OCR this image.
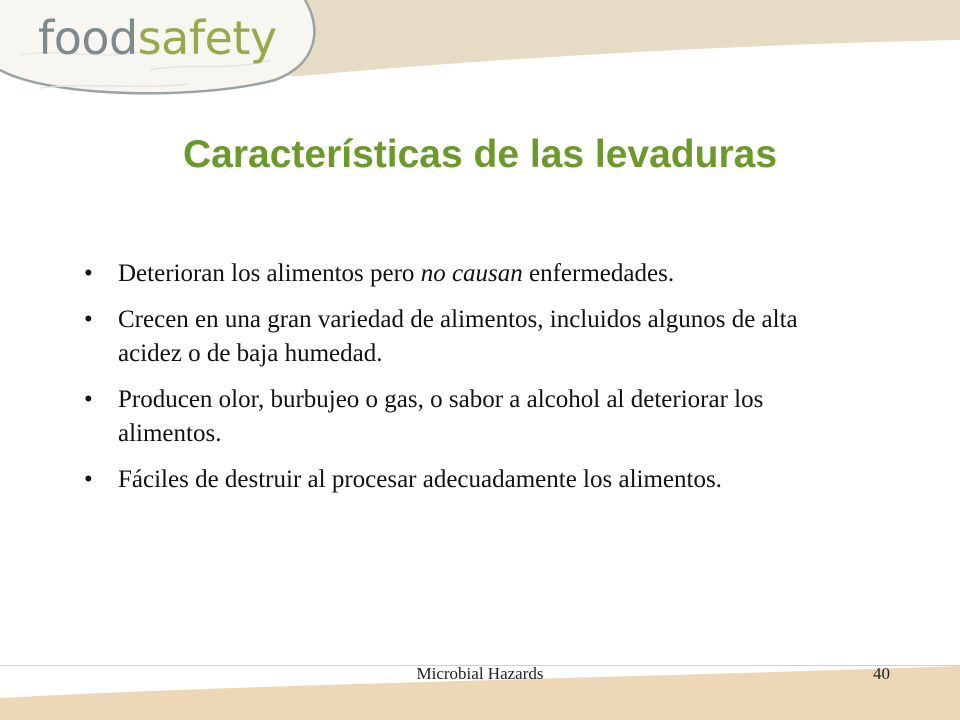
foodsafety
Características de las levaduras
• Deterioran los alimentos pero no causan enfermedades.
• Crecen en una gran variedad de alimentos, incluidos algunos de alta acidez o de baja humedad.
• Producen olor, burbujeo o gas, o sabor a alcohol al deteriorar los alimentos.
• Fáciles de destruir al procesar adecuadamente los alimentos.
Microbial Hazards	40
